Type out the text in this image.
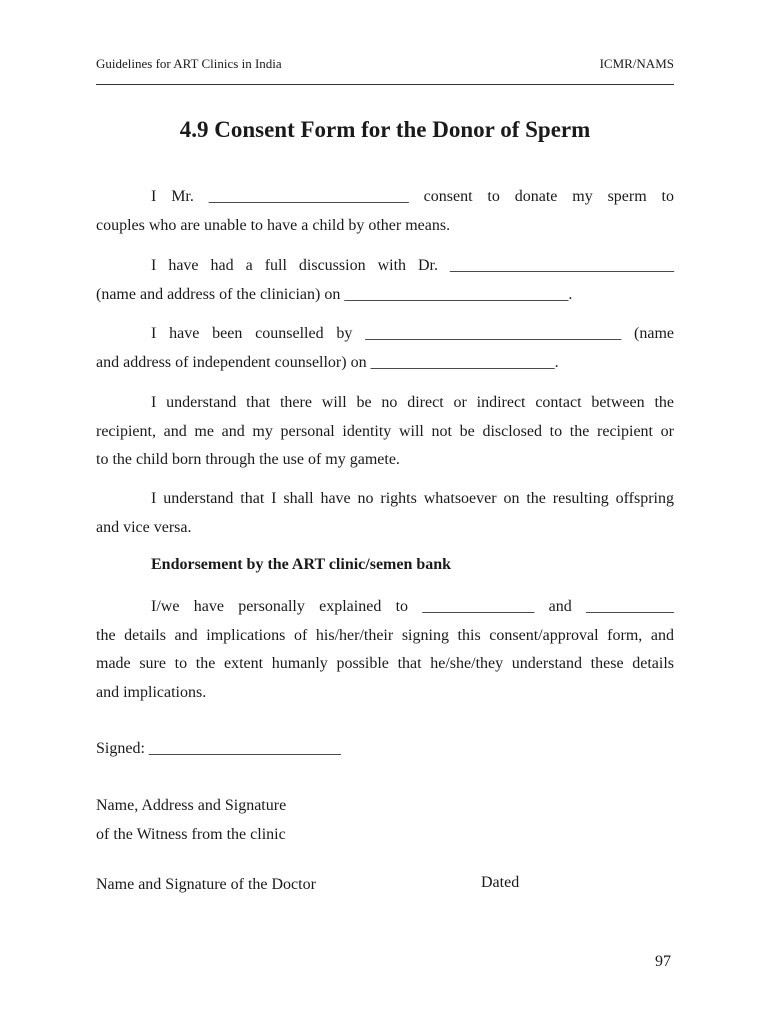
Guidelines for ART Clinics in India	ICMR/NAMS
4.9 Consent Form for the Donor of Sperm
I Mr. _________________________ consent to donate my sperm to
couples who are unable to have a child by other means.
I have had a full discussion with Dr. ____________________________
(name and address of the clinician) on ____________________________.
I have been counselled by ________________________________ (name
and address of independent counsellor) on _______________________.
I understand that there will be no direct or indirect contact between the
recipient, and me and my personal identity will not be disclosed to the recipient or
to the child born through the use of my gamete.
I understand that I shall have no rights whatsoever on the resulting offspring
and vice versa.

Endorsement by the ART clinic/semen bank

I/we have personally explained to ______________ and ___________
the details and implications of his/her/their signing this consent/approval form, and
made sure to the extent humanly possible that he/she/they understand these details
and implications.

Signed: ________________________

Name, Address and Signature
of the Witness from the clinic

Name and Signature of the Doctor	Dated
97
